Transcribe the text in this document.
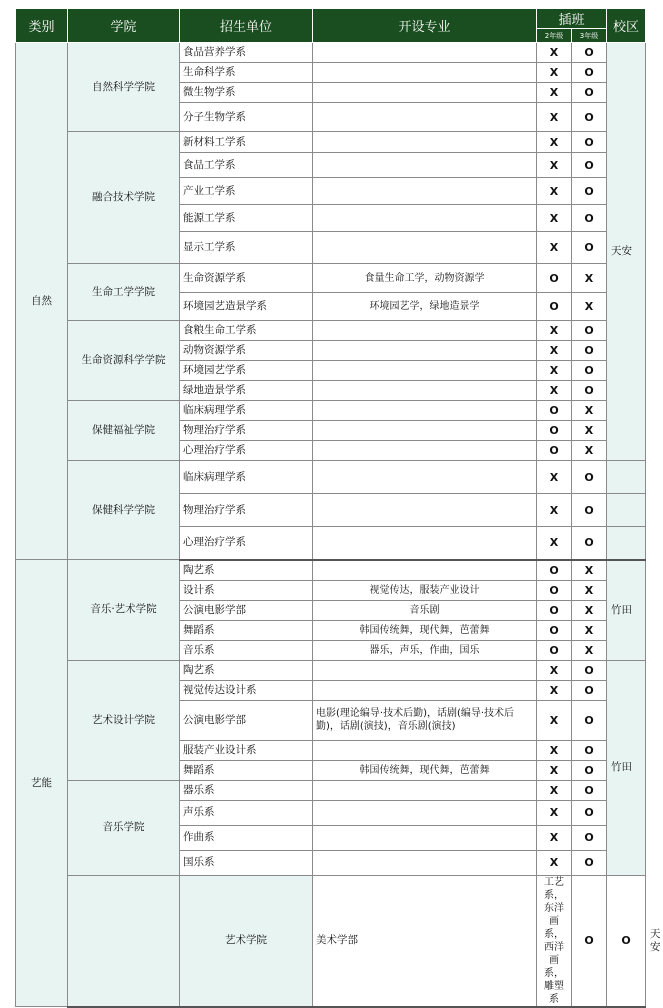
类别	学院	招生单位	开设专业	插班		校区	
				2年级	3年级		
自然	自然科学学院	食品营养学系		X	O	天安	
		生命科学系		X	O		
		微生物学系		X	O		
		分子生物学系		X	O		
	融合技术学院	新材料工学系		X	O		
		食品工学系		X	O		
		产业工学系		X	O		
		能源工学系		X	O		
		显示工学系		X	O		
	生命工学学院	生命资源学系	食量生命工学，动物资源学	O	X		
		环境园艺造景学系	环境园艺学，绿地造景学	O	X		
	生命资源科学学院	食粮生命工学系		X	O		
		动物资源学系		X	O		
		环境园艺学系		X	O		
		绿地造景学系		X	O		
	保健福祉学院	临床病理学系		O	X		
		物理治疗学系		O	X		
		心理治疗学系		O	X		
	保健科学学院	临床病理学系		X	O		
		物理治疗学系		X	O		
		心理治疗学系		X	O		
艺能	音乐·艺术学院	陶艺系		O	X	竹田	
		设计系	视觉传达，服装产业设计	O	X		
		公演电影学部	音乐剧	O	X		
		舞蹈系	韩国传统舞，现代舞，芭蕾舞	O	X		
		音乐系	器乐，声乐，作曲，国乐	O	X		
	艺术设计学院	陶艺系		X	O	竹田	
		视觉传达设计系		X	O		
		公演电影学部	电影(理论编导·技术后勤)，话剧(编导·技术后勤)，话剧(演技)，音乐剧(演技)	X	O		
		服装产业设计系		X	O		
		舞蹈系	韩国传统舞，现代舞，芭蕾舞	X	O		
	音乐学院	器乐系		X	O		
		声乐系		X	O		
		作曲系		X	O		
		国乐系		X	O		
		艺术学院	美术学部	工艺系，东洋画系，西洋画系，雕塑系	O	O	天安
